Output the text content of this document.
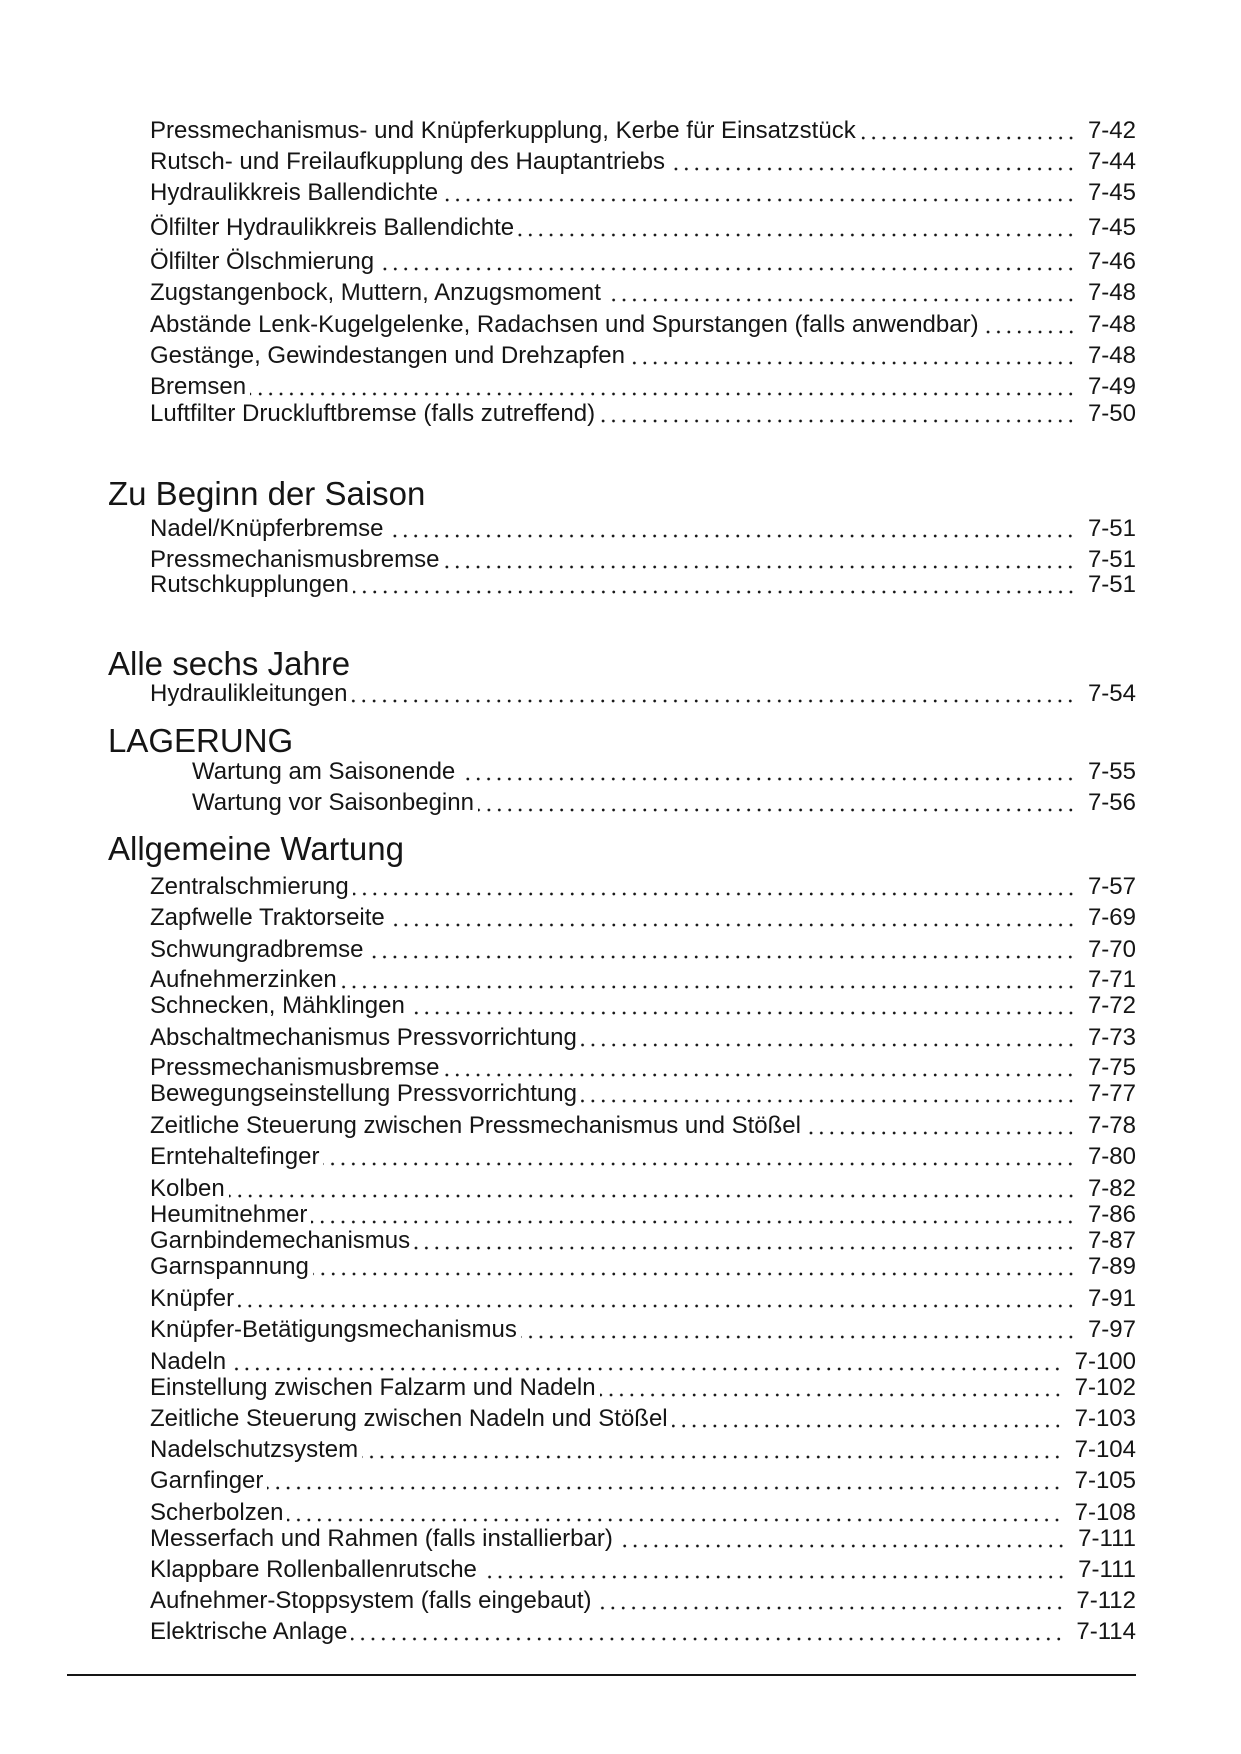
Pressmechanismus- und Knüpferkupplung, Kerbe für Einsatzstück	7-42
Rutsch- und Freilaufkupplung des Hauptantriebs	7-44
Hydraulikkreis Ballendichte	7-45
Ölfilter Hydraulikkreis Ballendichte	7-45
Ölfilter Ölschmierung	7-46
Zugstangenbock, Muttern, Anzugsmoment	7-48
Abstände Lenk-Kugelgelenke, Radachsen und Spurstangen (falls anwendbar)	7-48
Gestänge, Gewindestangen und Drehzapfen	7-48
Bremsen	7-49
Luftfilter Druckluftbremse (falls zutreffend)	7-50
Zu Beginn der Saison
Nadel/Knüpferbremse	7-51
Pressmechanismusbremse	7-51
Rutschkupplungen	7-51
Alle sechs Jahre
Hydraulikleitungen	7-54
LAGERUNG
Wartung am Saisonende	7-55
Wartung vor Saisonbeginn	7-56
Allgemeine Wartung
Zentralschmierung	7-57
Zapfwelle Traktorseite	7-69
Schwungradbremse	7-70
Aufnehmerzinken	7-71
Schnecken, Mähklingen	7-72
Abschaltmechanismus Pressvorrichtung	7-73
Pressmechanismusbremse	7-75
Bewegungseinstellung Pressvorrichtung	7-77
Zeitliche Steuerung zwischen Pressmechanismus und Stößel	7-78
Erntehaltefinger	7-80
Kolben	7-82
Heumitnehmer	7-86
Garnbindemechanismus	7-87
Garnspannung	7-89
Knüpfer	7-91
Knüpfer-Betätigungsmechanismus	7-97
Nadeln	7-100
Einstellung zwischen Falzarm und Nadeln	7-102
Zeitliche Steuerung zwischen Nadeln und Stößel	7-103
Nadelschutzsystem	7-104
Garnfinger	7-105
Scherbolzen	7-108
Messerfach und Rahmen (falls installierbar)	7-111
Klappbare Rollenballenrutsche	7-111
Aufnehmer-Stoppsystem (falls eingebaut)	7-112
Elektrische Anlage	7-114
